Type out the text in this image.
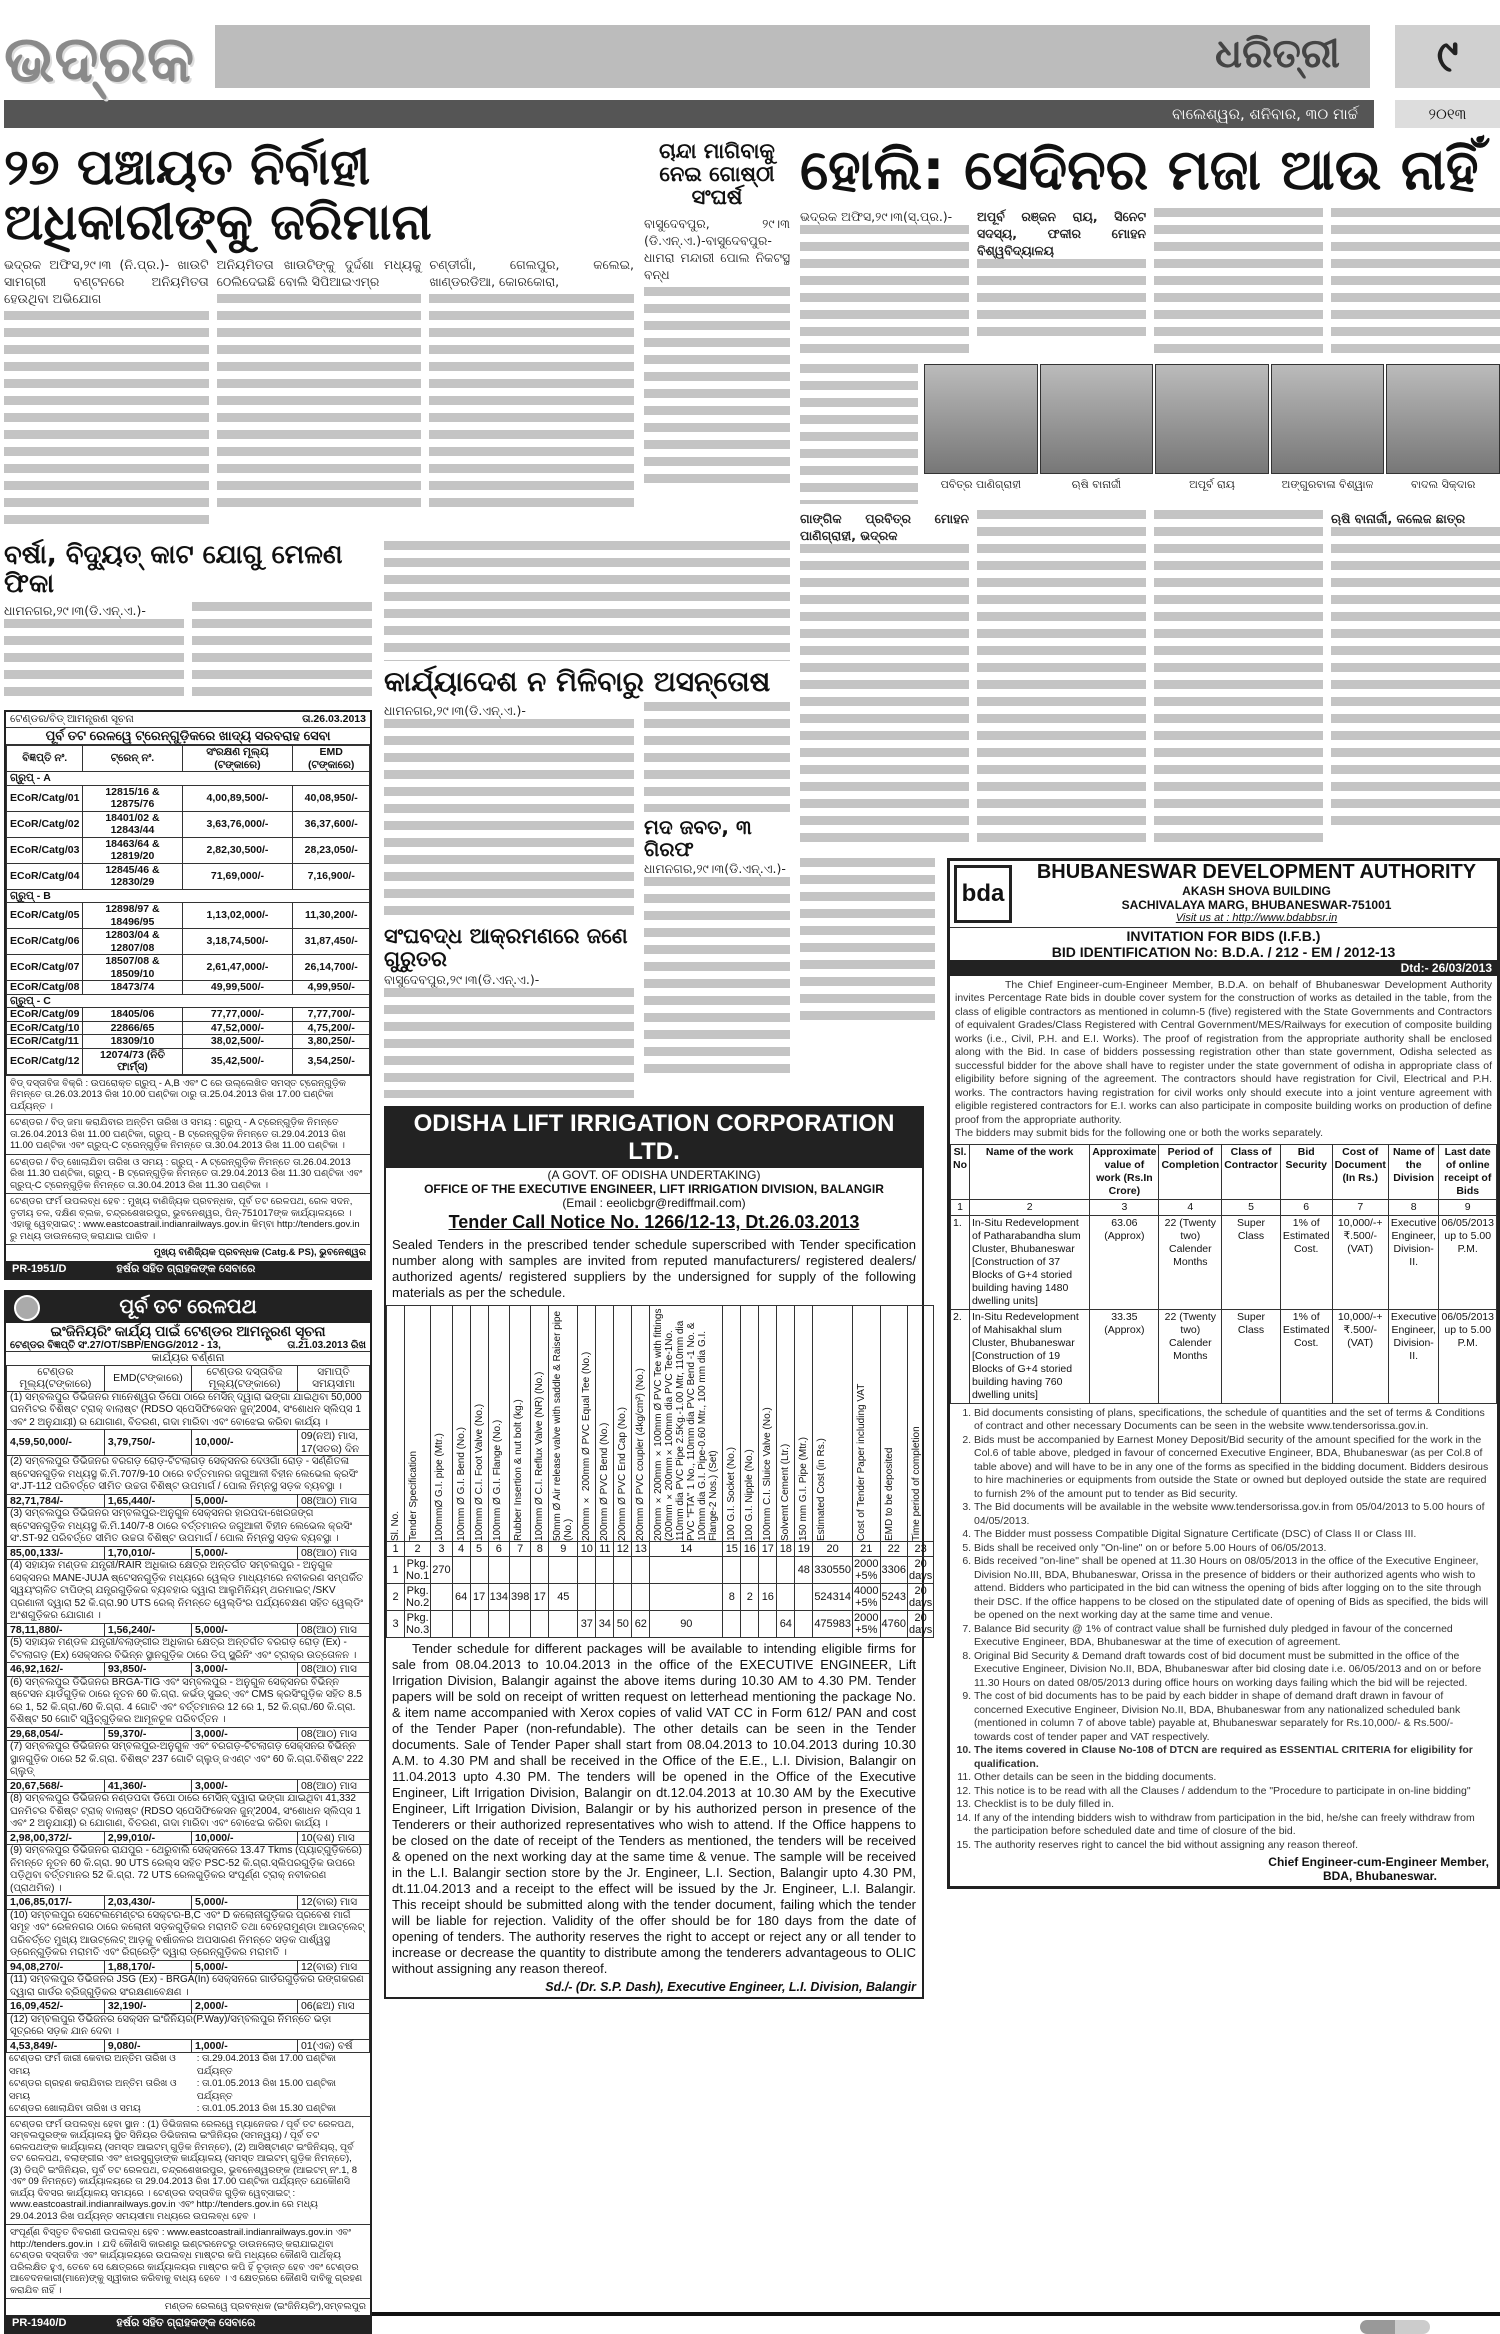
ଧରିତ୍ରୀ
ଭଦ୍ରକ	୯
ବାଲେଶ୍ୱର, ଶନିବାର, ୩୦ ମାର୍ଚ୍ଚ	୨୦୧୩
୨୭ ପଞ୍ଚାୟତ ନିର୍ବାହୀ ଅଧିକାରୀଙ୍କୁ ଜରିମାନା
ଭଦ୍ରକ ଅଫିସ,୨୯।୩ (ନି.ପ୍ର.)- ଖାଉଟି ସାମଗ୍ରୀ ବଣ୍ଟନରେ ଅନିୟମିତତା ହେଉଥିବା ଅଭିଯୋଗ
ଅନିୟମିତତା ଖାଉଟିଙ୍କୁ ଦୁର୍ଦ୍ଦଶା ମଧ୍ୟକୁ ଠେଲିଦେଇଛି ବୋଲି ସିପିଆଇଏମ୍‌ର
ଚଣ୍ଡୀଗାଁ, ଗେଲପୁର, କଲେଇ, ଖାଣ୍ଡରଡିଆ, କୋରକୋରା,
ଚାନ୍ଦା ମାଗିବାକୁ ନେଇ ଗୋଷ୍ଠୀ ସଂଘର୍ଷ
ବାସୁଦେବପୁର, ୨୯।୩ (ଡି.ଏନ୍.ଏ.)-ବାସୁଦେବପୁର-ଧାମରା ମନ୍ଦାରୀ ପୋଲ ନିକଟସ୍ଥ ବନ୍ଧ
ବର୍ଷା, ବିଦ୍ୟୁତ୍ କାଟ ଯୋଗୁ ମେଳଣ ଫିକା
ଧାମନଗର,୨୯।୩(ଡି.ଏନ୍.ଏ.)-
ଟେଣ୍ଡର/ବିଡ୍ ଆମନ୍ତ୍ରଣ ସୂଚନା	ତା.26.03.2013
ପୂର୍ବ ତଟ ରେଳୱେ ଟ୍ରେନ୍‌ଗୁଡ଼ିକରେ ଖାଦ୍ୟ ସରବରାହ ସେବା
ବିଜ୍ଞପ୍ତି ନଂ.	ଟ୍ରେନ୍ ନଂ.	ସଂରକ୍ଷଣ ମୂଲ୍ୟ (ଟଙ୍କାରେ)	EMD (ଟଙ୍କାରେ)
ଗ୍ରୁପ୍ - A			
ECoR/Catg/01	12815/16 & 12875/76	4,00,89,500/-	40,08,950/-
ECoR/Catg/02	18401/02 & 12843/44	3,63,76,000/-	36,37,600/-
ECoR/Catg/03	18463/64 & 12819/20	2,82,30,500/-	28,23,050/-
ECoR/Catg/04	12845/46 & 12830/29	71,69,000/-	7,16,900/-
ଗ୍ରୁପ୍ - B			
ECoR/Catg/05	12898/97 & 18496/95	1,13,02,000/-	11,30,200/-
ECoR/Catg/06	12803/04 & 12807/08	3,18,74,500/-	31,87,450/-
ECoR/Catg/07	18507/08 & 18509/10	2,61,47,000/-	26,14,700/-
ECoR/Catg/08	18473/74	49,99,500/-	4,99,950/-
ଗ୍ରୁପ୍ - C			
ECoR/Catg/09	18405/06	77,77,000/-	7,77,700/-
ECoR/Catg/10	22866/65	47,52,000/-	4,75,200/-
ECoR/Catg/11	18309/10	38,02,500/-	3,80,250/-
ECoR/Catg/12	12074/73 (ନିତି ଫାର୍ମ୍ସ)	35,42,500/-	3,54,250/-
ବିଡ୍ ଦସ୍ତାବିଜ ବିକ୍ରି : ଉପରୋକ୍ତ ଗ୍ରୁପ୍ - A,B ଏବଂ C ରେ ଉଲ୍ଲେଖିତ ସମସ୍ତ ଟ୍ରେନ୍‌ଗୁଡ଼ିକ ନିମନ୍ତେ ତା.26.03.2013 ରିଖ 10.00 ଘଣ୍ଟିକା ଠାରୁ ତା.25.04.2013 ରିଖ 17.00 ଘଣ୍ଟିକା ପର୍ଯ୍ୟନ୍ତ ।
ଟେଣ୍ଡର / ବିଡ୍ ଜମା କରାଯିବାର ଅନ୍ତିମ ତାରିଖ ଓ ସମୟ : ଗ୍ରୁପ୍ - A ଟ୍ରେନ୍‌ଗୁଡ଼ିକ ନିମନ୍ତେ ତା.26.04.2013 ରିଖ 11.00 ଘଣ୍ଟିକା, ଗ୍ରୁପ୍ - B ଟ୍ରେନ୍‌ଗୁଡ଼ିକ ନିମନ୍ତେ ତା.29.04.2013 ରିଖ 11.00 ଘଣ୍ଟିକା ଏବଂ ଗ୍ରୁପ୍-C ଟ୍ରେନ୍‌ଗୁଡ଼ିକ ନିମନ୍ତେ ତା.30.04.2013 ରିଖ 11.00 ଘଣ୍ଟିକା ।
ଟେଣ୍ଡର / ବିଡ୍ ଖୋଲାଯିବା ତାରିଖ ଓ ସମୟ : ଗ୍ରୁପ୍ - A ଟ୍ରେନ୍‌ଗୁଡ଼ିକ ନିମନ୍ତେ ତା.26.04.2013 ରିଖ 11.30 ଘଣ୍ଟିକା, ଗ୍ରୁପ୍ - B ଟ୍ରେନ୍‌ଗୁଡ଼ିକ ନିମନ୍ତେ ତା.29.04.2013 ରିଖ 11.30 ଘଣ୍ଟିକା ଏବଂ ଗ୍ରୁପ୍-C ଟ୍ରେନ୍‌ଗୁଡ଼ିକ ନିମନ୍ତେ ତା.30.04.2013 ରିଖ 11.30 ଘଣ୍ଟିକା ।
ଟେଣ୍ଡର ଫର୍ମ ଉପଲବ୍ଧ ହେବ : ମୁଖ୍ୟ ବାଣିଜ୍ୟିକ ପ୍ରବନ୍ଧକ, ପୂର୍ବ ତଟ ରେଳପଥ, ରେଳ ସଦନ, ତୃତୀୟ ତଳ, ଦକ୍ଷିଣ ବ୍ଲକ, ଚନ୍ଦ୍ରଶେଖରପୁର, ଭୁବନେଶ୍ୱର, ପିନ୍-751017ଙ୍କ କାର୍ଯ୍ୟାଳୟରେ । ଏହାକୁ ୱେବ୍‌ସାଇଟ୍ : www.eastcoastrail.indianrailways.gov.in କିମ୍ବା http://tenders.gov.in ରୁ ମଧ୍ୟ ଡାଉନଲୋଡ୍ କରାଯାଇ ପାରିବ ।
ମୁଖ୍ୟ ବାଣିଜ୍ୟିକ ପ୍ରବନ୍ଧକ (Catg.& PS), ଭୁବନେଶ୍ୱର
PR-1951/D	ହର୍ଷର ସହିତ ଗ୍ରାହକଙ୍କ ସେବାରେ
ପୂର୍ବ ତଟ ରେଳପଥ
ଇଂଜିନିୟରିଂ କାର୍ଯ୍ୟ ପାଇଁ ଟେଣ୍ଡର ଆମନ୍ତ୍ରଣ ସୂଚନା
ଟେଣ୍ଡର ବିଜ୍ଞପ୍ତି ସଂ.27/OT/SBP/ENGG/2012 - 13,	ତା.21.03.2013 ରିଖ
କାର୍ଯ୍ୟର ବର୍ଣ୍ଣନା
ଟେଣ୍ଡର ମୂଲ୍ୟ(ଟଙ୍କାରେ)	EMD(ଟଙ୍କାରେ)	ଟେଣ୍ଡର ଦସ୍ତାବିଜ ମୂଲ୍ୟ(ଟଙ୍କାରେ)	ସମାପ୍ତି ସମୟସୀମା
(1) ସମ୍ବଲପୁର ଡିଭିଜନର ମାନେଶ୍ୱର ଡିପୋ ଠାରେ ମେସିନ୍ ଦ୍ୱାରା ଭଙ୍ଗା ଯାଇଥିବା 50,000 ଘନମିଟର ବିଶିଷ୍ଟ ଟ୍ରାକ୍ ବାଲାଷ୍ଟ (RDSO ସ୍ପେସିଫିକେସନ ଜୁନ୍'2004, ସଂଶୋଧନ ସ୍ଲିପ୍‌ସ 1 ଏବଂ 2 ଅନୁଯାୟୀ) ର ଯୋଗାଣ, ବିତରଣ, ଗଦା ମାରିବା ଏବଂ ବୋଝେଇ କରିବା କାର୍ଯ୍ୟ ।			
4,59,50,000/-	3,79,750/-	10,000/-	09(ନଅ) ମାସ, 17(ସତର) ଦିନ
(2) ସମ୍ବଲପୁର ଡିଭିଜନର ବରଗଡ଼ ରୋଡ଼-ଟିଟଲାଗଡ଼ ସେକ୍ସନର ଦେଓଗାଁ ରୋଡ଼ - ସର୍ଣ୍ଣିତଳା ଷ୍ଟେସନଗୁଡ଼ିକ ମଧ୍ୟସ୍ଥ କି.ମି.707/9-10 ଠାରେ ବର୍ତ୍ତମାନର ଜଗୁଆଳୀ ବିହୀନ ଲେଭେଲ କ୍ରସିଂ ସଂ.JT-112 ପରିବର୍ତ୍ତେ ସୀମିତ ଉଚ୍ଚତା ବିଶିଷ୍ଟ ଉପମାର୍ଗ / ପୋଲ ନିମ୍ନସ୍ଥ ସଡ଼କ ବ୍ୟବସ୍ଥା ।			
82,71,784/-	1,65,440/-	5,000/-	08(ଆଠ) ମାସ
(3) ସମ୍ବଲପୁର ଡିଭିଜନର ସମ୍ବଲପୁର-ଅନୁଗୁଳ ସେକ୍ସନର ହାରପଦା-ଖେରଜଙ୍ଗ ଷ୍ଟେସନଗୁଡ଼ିକ ମଧ୍ୟସ୍ଥ କି.ମି.140/7-8 ଠାରେ ବର୍ତ୍ତମାନର ଜଗୁଆଳୀ ବିହୀନ ଲେଭେଲ କ୍ରସିଂ ସଂ.ST-92 ପରିବର୍ତ୍ତେ ସୀମିତ ଉଚ୍ଚତା ବିଶିଷ୍ଟ ଉପମାର୍ଗ / ପୋଲ ନିମ୍ନସ୍ଥ ସଡ଼କ ବ୍ୟବସ୍ଥା ।			
85,00,133/-	1,70,010/-	5,000/-	08(ଆଠ) ମାସ
(4) ସହାୟକ ମଣ୍ଡଳ ଯନ୍ତ୍ରୀ/RAIR ଅଧିକାର କ୍ଷେତ୍ର ଅନ୍ତର୍ଗତ ସମ୍ବଲପୁର - ଅନୁଗୁଳ ସେକ୍ସନର MANE-JUJA ଷ୍ଟେସନଗୁଡ଼ିକ ମଧ୍ୟରେ ୱେଲ୍ଡ ମାଧ୍ୟମରେ ନବୀକରଣ ସମ୍ପର୍କିତ ସ୍ୱୟଂଚାଳିତ ଟାପିଙ୍ଗ୍ ଯନ୍ତ୍ରଗୁଡ଼ିକର ବ୍ୟବହାର ଦ୍ୱାରା ଆଲୁମିନିୟମ୍ ଥରମାଇଟ୍ /SKV ପ୍ରଣାଳୀ ଦ୍ୱାରା 52 କି.ଗ୍ରା.90 UTS ରେଲ୍ ନିମନ୍ତେ ୱେଲ୍ଡିଂର ପର୍ଯ୍ୟବେକ୍ଷଣ ସହିତ ୱେଲ୍ଡିଂ ଅଂଶଗୁଡ଼ିକର ଯୋଗାଣ ।			
78,11,880/-	1,56,240/-	5,000/-	08(ଆଠ) ମାସ
(5) ସହାୟକ ମଣ୍ଡଳ ଯନ୍ତ୍ରୀ/ବଲାଙ୍ଗୀର ଅଧିକାର କ୍ଷେତ୍ର ଅନ୍ତର୍ଗତ ବରଗଡ଼ ରୋଡ଼ (Ex) - ଟିଟଲାଗଡ଼ (Ex) ସେକ୍ସନର ବିଭିନ୍ନ ସ୍ଥାନଗୁଡ଼ିକ ଠାରେ ଡିପ୍ ସ୍କ୍ରିନିଂ ଏବଂ ଟ୍ରାକ୍‌ର ଉତ୍ତୋଳନ ।			
46,92,162/-	93,850/-	3,000/-	08(ଆଠ) ମାସ
(6) ସମ୍ବଲପୁର ଡିଭିଜନର BRGA-TIG ଏବଂ ସମ୍ବଲପୁର - ଅନୁଗୁଳ ସେକ୍ସନର ବିଭିନ୍ନ ଷ୍ଟେସନ ୟାର୍ଡଗୁଡ଼ିକ ଠାରେ ନୂତନ 60 କି.ଗ୍ରା. କର୍ଭଡ୍ ସୁଇଚ୍ ଏବଂ CMS କ୍ରସିଂଗୁଡ଼ିକ ସହିତ 8.5 ରେ 1, 52 କି.ଗ୍ରା./60 କି.ଗ୍ରା. 4 ଗୋଟି ଏବଂ ବର୍ତ୍ତମାନର 12 ରେ 1, 52 କି.ଗ୍ରା./60 କି.ଗ୍ରା. ବିଶିଷ୍ଟ 50 ଗୋଟି ସ୍ୱିଚ୍‌ଗୁଡ଼ିକର ଆମୂଳଚୂଳ ପରିବର୍ତ୍ତନ ।			
29,68,054/-	59,370/-	3,000/-	08(ଆଠ) ମାସ
(7) ସମ୍ବଲପୁର ଡିଭିଜନର ସମ୍ବଲପୁର-ଅନୁଗୁଳ ଏବଂ ବରଗଡ଼-ଟିଟଲାଗଡ଼ ସେକ୍ସନର ବିଭିନ୍ନ ସ୍ଥାନଗୁଡ଼ିକ ଠାରେ 52 କି.ଗ୍ରା. ବିଶିଷ୍ଟ 237 ଗୋଟି ଗ୍ଲୁଡ୍ ଜଏଣ୍ଟ ଏବଂ 60 କି.ଗ୍ରା.ବିଶିଷ୍ଟ 222 ଗ୍ଲୁଡ୍			
20,67,568/-	41,360/-	3,000/-	08(ଆଠ) ମାସ
(8) ସମ୍ବଲପୁର ଡିଭିଜନର ନଣ୍ଡପଦା ଡିପୋ ଠାରେ ମେସିନ୍ ଦ୍ୱାରା ଭଙ୍ଗା ଯାଇଥିବା 41,332 ଘନମିଟର ବିଶିଷ୍ଟ ଟ୍ରାକ୍ ବାଲାଷ୍ଟ (RDSO ସ୍ପେସିଫିକେସନ ଜୁନ୍'2004, ସଂଶୋଧନ ସ୍ଲିପ୍‌ସ 1 ଏବଂ 2 ଅନୁଯାୟୀ) ର ଯୋଗାଣ, ବିତରଣ, ଗଦା ମାରିବା ଏବଂ ବୋଝେଇ କରିବା କାର୍ଯ୍ୟ ।			
2,98,00,372/-	2,99,010/-	10,000/-	10(ଦଶ) ମାସ
(9) ସମ୍ବଲପୁର ଡିଭିଜନର ରାଯପୁର - ଥେରୁବାଲି ସେକ୍ସନରେ 13.47 Tkms (ପ୍ୟାଚ୍‌ଗୁଡ଼ିକରେ) ନିମନ୍ତେ ନୂତନ 60 କି.ଗ୍ରା. 90 UTS ରେଲ୍‌ସ ସହିତ PSC-52 କି.ଗ୍ରା.ସ୍ଲିପରଗୁଡ଼ିକ ଉପରେ ପଡ଼ିଥିବା ବର୍ତ୍ତମାନର 52 କି.ଗ୍ରା. 72 UTS ରେଲଗୁଡ଼ିକର ସଂପୂର୍ଣ୍ଣ ଟ୍ରାକ୍ ନବୀକରଣ (ପ୍ରାଥମିକ) ।			
1,06,85,017/-	2,03,430/-	5,000/-	12(ବାର) ମାସ
(10) ସମ୍ବଲପୁର ସେଟେଲମେଣ୍ଟର ସେକ୍ଟର-B,C ଏବଂ D କଲୋନୀଗୁଡ଼ିକର ପ୍ରବେଶ ମାର୍ଗ ସମୂହ ଏବଂ ରେଳନଗର ଠାରେ କଲୋନୀ ସଡ଼କଗୁଡ଼ିକର ମରାମତି ତଥା ବେହେରାମୁଣ୍ଡା ଆଉଟ୍‌ଲେଟ୍ ପରିବର୍ତ୍ତେ ମୁଖ୍ୟ ଆଉଟ୍‌ଲେଟ୍ ଆଡ଼କୁ ବର୍ଷାଜଳର ଅପସାରଣ ନିମନ୍ତେ ସଡ଼କ ପାର୍ଶ୍ୱସ୍ଥ ଡ୍ରେନ୍‌ଗୁଡ଼ିକର ମରାମତି ଏବଂ ରିଗ୍ରେଡ଼ିଂ ଦ୍ୱାରା ଡ୍ରେନ୍‌ଗୁଡ଼ିକର ମରାମତି ।			
94,08,270/-	1,88,170/-	5,000/-	12(ବାର) ମାସ
(11) ସମ୍ବଲପୁର ଡିଭିଜନର JSG (Ex) - BRGA(In) ସେକ୍ସନରେ ଗାର୍ଡରଗୁଡ଼ିକର ରଙ୍ଗକରଣ ଦ୍ୱାରା ଗାର୍ଡର ବ୍ରିଜ୍‌ଗୁଡ଼ିକର ସଂରକ୍ଷଣାବେକ୍ଷଣ ।			
16,09,452/-	32,190/-	2,000/-	06(ଛଅ) ମାସ
(12) ସମ୍ବଲପୁର ଡିଭିଜନର ସେକ୍ସନ ଇଂଜିନିୟର(P.Way)/ସମ୍ବଲପୁର ନିମନ୍ତେ ଭଡ଼ା ସୂତ୍ରରେ ସଡ଼କ ଯାନ ଦେବା ।			
4,53,849/-	9,080/-	1,000/-	01(ଏକ) ବର୍ଷ
ଟେଣ୍ଡର ଫର୍ମ ଜାରୀ କେବାର ଅନ୍ତିମ ତାରିଖ ଓ ସମୟ	: ତା.29.04.2013 ରିଖ 17.00 ଘଣ୍ଟିକା ପର୍ଯ୍ୟନ୍ତ
ଟେଣ୍ଡର ଗ୍ରହଣ କରାଯିବାର ଅନ୍ତିମ ତାରିଖ ଓ ସମୟ	: ତା.01.05.2013 ରିଖ 15.00 ଘଣ୍ଟିକା ପର୍ଯ୍ୟନ୍ତ
ଟେଣ୍ଡର ଖୋଲାଯିବା ତାରିଖ ଓ ସମୟ	: ତା.01.05.2013 ରିଖ 15.30 ଘଣ୍ଟିକା
ଟେଣ୍ଡର ଫର୍ମ ଉପଲବ୍ଧ ହେବା ସ୍ଥାନ : (1) ଡିଭିଜନାଲ ରେଲୱେ ମ୍ୟାନେଜର / ପୂର୍ବ ତଟ ରେଳପଥ, ସମ୍ବଲପୁରଙ୍କ କାର୍ଯ୍ୟାଳୟ ସ୍ଥିତ ସିନିୟର ଡିଭିଜନାଲ ଇଂଜିନିୟର (ସମନ୍ୱୟ) / ପୂର୍ବ ତଟ ରେଳପଥଙ୍କ କାର୍ଯ୍ୟାଳୟ (ସମସ୍ତ ଆଇଟମ୍ ଗୁଡ଼ିକ ନିମନ୍ତେ), (2) ଆସିଷ୍ଟାଣ୍ଟ ଇଂଜିନିୟର୍, ପୂର୍ବ ତଟ ରେଳପଥ, ବଲାଙ୍ଗୀର ଏବଂ ଝାରସୁଗୁଡ଼ାଙ୍କ କାର୍ଯ୍ୟାଳୟ (ସମସ୍ତ ଆଇଟମ୍ ଗୁଡ଼ିକ ନିମନ୍ତେ), (3) ଡିପ୍ଟି ଇଂଜିନିୟର, ପୂର୍ବ ତଟ ରେଳପଥ, ଚନ୍ଦ୍ରଶେଖରପୁର, ଭୁବନେଶ୍ୱରଙ୍କ (ଆଇଟମ୍ ନଂ.1, 8 ଏବଂ 09 ନିମନ୍ତେ) କାର୍ଯ୍ୟାଳୟରେ ତା 29.04.2013 ରିଖ 17.00 ଘଣ୍ଟିକା ପର୍ଯ୍ୟନ୍ତ ଯେକୌଣସି କାର୍ଯ୍ୟ ଦିବସର କାର୍ଯ୍ୟାଳୟ ସମୟରେ । ଟେଣ୍ଡର ଦସ୍ତାବିଜ ଗୁଡ଼ିକ ୱେବ୍‌ସାଇଟ୍ : www.eastcoastrail.indianrailways.gov.in ଏବଂ http://tenders.gov.in ରେ ମଧ୍ୟ 29.04.2013 ରିଖ ପର୍ଯ୍ୟନ୍ତ ସମୟସୀମା ମଧ୍ୟରେ ଉପଲବ୍ଧ ହେବ ।
ସଂପୂର୍ଣ୍ଣ ବିସ୍ତୃତ ବିବରଣୀ ଉପଲବ୍ଧ ହେବ : www.eastcoastrail.indianrailways.gov.in ଏବଂ http://tenders.gov.in । ଯଦି କୌଣସି କାରଣରୁ ଇଣ୍ଟରନେଟରୁ ଡାଉନଲୋଡ୍ କରାଯାଇଥିବା ଟେଣ୍ଡର ଦସ୍ତାବିଜ ଏବଂ କାର୍ଯ୍ୟାଳୟରେ ଉପଲବ୍ଧ ମାଷ୍ଟର କପି ମଧ୍ୟରେ କୌଣସି ପାର୍ଥକ୍ୟ ପରିଲକ୍ଷିତ ହୁଏ, ତେବେ ସେ କ୍ଷେତ୍ରରେ କାର୍ଯ୍ୟାଳୟର ମାଷ୍ଟର କପି ହିଁ ଚୂଡ଼ାନ୍ତ ହେବ ଏବଂ ଟେଣ୍ଡର ଆବେଦନକାରୀ(ମାନେ)ଙ୍କୁ ସ୍ୱୀକାର କରିବାକୁ ବାଧ୍ୟ ହେବେ । ଏ କ୍ଷେତ୍ରରେ କୌଣସି ଦାବିକୁ ଗ୍ରହଣ କରାଯିବ ନାହିଁ ।
ମଣ୍ଡଳ ରେଲୱେ ପ୍ରବନ୍ଧକ (ଇଂଜିନିୟରିଂ),ସମ୍ବଲପୁର
PR-1940/D	ହର୍ଷର ସହିତ ଗ୍ରାହକଙ୍କ ସେବାରେ
କାର୍ଯ୍ୟାଦେଶ ନ ମିଳିବାରୁ ଅସନ୍ତୋଷ
ଧାମନଗର,୨୯।୩(ଡି.ଏନ୍.ଏ.)-
ସଂଘବଦ୍ଧ ଆକ୍ରମଣରେ ଜଣେ ଗୁରୁତର
ବାସୁଦେବପୁର,୨୯।୩(ଡି.ଏନ୍.ଏ.)-
ମଦ ଜବତ, ୩ ଗିରଫ
ଧାମନଗର,୨୯।୩(ଡି.ଏନ୍.ଏ.)-
ODISHA LIFT IRRIGATION CORPORATION LTD.
(A GOVT. OF ODISHA UNDERTAKING)
OFFICE OF THE EXECUTIVE ENGINEER, LIFT IRRIGATION DIVISION, BALANGIR
(Email : eeolicbgr@rediffmail.com)
Tender Call Notice No. 1266/12-13, Dt.26.03.2013
Sealed Tenders in the prescribed tender schedule superscribed with Tender specification number along with samples are invited from reputed manufacturers/ registered dealers/ authorized agents/ registered suppliers by the undersigned for supply of the following materials as per the schedule.
Sl. No.	Tender Specification	100mmØ G.I. pipe (Mtr.)	100mm Ø G.I. Bend (No.)	100mm Ø C.I. Foot Valve (No.)	100mm Ø G.I. Flange (No.)	Rubber Insertion & nut bolt (kg.)	100mm Ø C.I. Reflux Valve (NR) (No.)	50mm Ø Air release valve with saddle & Raiser pipe (No.)	200mm × 200mm Ø PVC Equal Tee (No.)	200mm Ø PVC Bend (No.)	200mm Ø PVC End Cap (No.)	200mm Ø PVC coupler (4kg/cm²) (No.)	200mm ×200mm ×100mm Ø PVC Tee with fittings (200mm ×200mm×100mm dia PVC Tee-1No. 110mm dia PVC Pipe 2.5Kg.-1.00 Mtr, 110mm dia PVC "FTA" 1 No., 110mm dia PVC Bend -1 No. & 100mm dia G.I. Pipe-0.60 Mtr., 100 mm dia G.I. Flange-2 Nos.) (Set)	100 G.I. Socket (No.)	100 G.I. Nipple (No.)	100mm C.I. Sluice Valve (No.)	Solvemt Cement (Ltr.)	150 mm G.I. Pipe (Mtr.)	Estimated Cost (in Rs.)	Cost of Tender Paper including VAT	EMD to be deposited	Time period of completion

1	2	3	4	5	6	7	8	9	10	11	12	13	14	15	16	17	18	19	20	21	22	23
1	Pkg. No.1	270																48	330550	2000 +5%	3306	20 days
2	Pkg. No.2		64	17	134	398	17	45						8	2	16			524314	4000 +5%	5243	20 days
3	Pkg. No.3								37	34	50	62	90				64		475983	2000 +5%	4760	20 days
Tender schedule for different packages will be available to intending eligible firms for sale from 08.04.2013 to 10.04.2013 in the office of the EXECUTIVE ENGINEER, Lift Irrigation Division, Balangir against the above items during 10.30 AM to 4.30 PM. Tender papers will be sold on receipt of written request on letterhead mentioning the package No. & item name accompanied with Xerox copies of valid VAT CC in Form 612/ PAN and cost of the Tender Paper (non-refundable). The other details can be seen in the Tender documents. Sale of Tender Paper shall start from 08.04.2013 to 10.04.2013 during 10.30 A.M. to 4.30 PM and shall be received in the Office of the E.E., L.I. Division, Balangir on 11.04.2013 upto 4.30 PM. The tenders will be opened in the Office of the Executive Engineer, Lift Irrigation Division, Balangir on dt.12.04.2013 at 10.30 AM by the Executive Engineer, Lift Irrigation Division, Balangir or by his authorized person in presence of the Tenderers or their authorized representatives who wish to attend. If the Office happens to be closed on the date of receipt of the Tenders as mentioned, the tenders will be received & opened on the next working day at the same time & venue. The sample will be received in the L.I. Balangir section store by the Jr. Engineer, L.I. Section, Balangir upto 4.30 PM, dt.11.04.2013 and a receipt to the effect will be issued by the Jr. Engineer, L.I. Balangir. This receipt should be submitted along with the tender document, failing which the tender will be liable for rejection. Validity of the offer should be for 180 days from the date of opening of tenders. The authority reserves the right to accept or reject any or all tender to increase or decrease the quantity to distribute among the tenderers advantageous to OLIC without assigning any reason thereof.
Sd./- (Dr. S.P. Dash), Executive Engineer, L.I. Division, Balangir
ହୋଲି: ସେଦିନର ମଜା ଆଉ ନାହିଁ
ଭଦ୍ରକ ଅଫିସ,୨୯।୩(ସ୍.ପ୍ର.)-	ଅପୂର୍ବ ରଞ୍ଜନ ରାୟ, ସିନେଟ ସଦସ୍ୟ, ଫକୀର ମୋହନ ବିଶ୍ୱବିଦ୍ୟାଳୟ
ପବିତ୍ର ପାଣିଗ୍ରାହୀ	ଋଷି ବାନାର୍ଜୀ	ଅପୂର୍ବ ରାୟ	ଅଙ୍ଗୁରବାଳା ବିଶ୍ୱାଳ	ବାଦଲ ସିକ୍‌ଦାର
ଗାଙ୍ଗିକ ପ୍ରବିତ୍ର ମୋହନ ପାଣିଗ୍ରାହୀ, ଭଦ୍ରକ
ଋଷି ବାନାର୍ଜୀ, କଲେଜ ଛାତ୍ର
bda
BHUBANESWAR DEVELOPMENT AUTHORITY
AKASH SHOVA BUILDING
SACHIVALAYA MARG, BHUBANESWAR-751001
Visit us at : http://www.bdabbsr.in
INVITATION FOR BIDS (I.F.B.)
BID IDENTIFICATION No: B.D.A. / 212 - EM / 2012-13
Dtd:- 26/03/2013
The Chief Engineer-cum-Engineer Member, B.D.A. on behalf of Bhubaneswar Development Authority invites Percentage Rate bids in double cover system for the construction of works as detailed in the table, from the class of eligible contractors as mentioned in column-5 (five) registered with the State Governments and Contractors of equivalent Grades/Class Registered with Central Government/MES/Railways for execution of composite building works (i.e., Civil, P.H. and E.I. Works). The proof of registration from the appropriate authority shall be enclosed along with the Bid. In case of bidders possessing registration other than state government, Odisha selected as successful bidder for the above shall have to register under the state government of odisha in appropriate class of eligibility before signing of the agreement. The contractors should have registration for Civil, Electrical and P.H. works. The contractors having registration for civil works only should execute into a joint venture agreement with eligible registered contractors for E.I. works can also participate in composite building works on production of define proof from the appropriate authority.
The bidders may submit bids for the following one or both the works separately.
Sl. No	Name of the work	Approximate value of work (Rs.In Crore)	Period of Completion	Class of Contractor	Bid Security	Cost of Document (In Rs.)	Name of the Division	Last date of online receipt of Bids
1	2	3	4	5	6	7	8	9
1.	In-Situ Redevelopment of Patharabandha slum Cluster, Bhubaneswar [Construction of 37 Blocks of G+4 storied building having 1480 dwelling units]	63.06 (Approx)	22 (Twenty two) Calender Months	Super Class	1% of Estimated Cost.	10,000/-+ ₹.500/- (VAT)	Executive Engineer, Division- II.	06/05/2013 up to 5.00 P.M.
2.	In-Situ Redevelopment of Mahisakhal slum Cluster, Bhubaneswar [Construction of 19 Blocks of G+4 storied building having 760 dwelling units]	33.35 (Approx)	22 (Twenty two) Calender Months	Super Class	1% of Estimated Cost.	10,000/-+ ₹.500/- (VAT)	Executive Engineer, Division- II.	06/05/2013 up to 5.00 P.M.
1. Bid documents consisting of plans, specifications, the schedule of quantities and the set of terms & Conditions of contract and other necessary Documents can be seen in the website www.tendersorissa.gov.in.
2. Bids must be accompanied by Earnest Money Deposit/Bid security of the amount specified for the work in the Col.6 of table above, pledged in favour of concerned Executive Engineer, BDA, Bhubaneswar (as per Col.8 of table above) and will have to be in any one of the forms as specified in the bidding document. Bidders desirous to hire machineries or equipments from outside the State or owned but deployed outside the state are required to furnish 2% of the amount put to tender as Bid security.
3. The Bid documents will be available in the website www.tendersorissa.gov.in from 05/04/2013 to 5.00 hours of 04/05/2013.
4. The Bidder must possess Compatible Digital Signature Certificate (DSC) of Class II or Class III.
5. Bids shall be received only "On-line" on or before 5.00 Hours of 06/05/2013.
6. Bids received "on-line" shall be opened at 11.30 Hours on 08/05/2013 in the office of the Executive Engineer, Division No.III, BDA, Bhubaneswar, Orissa in the presence of bidders or their authorized agents who wish to attend. Bidders who participated in the bid can witness the opening of bids after logging on to the site through their DSC. If the office happens to be closed on the stipulated date of opening of Bids as specified, the bids will be opened on the next working day at the same time and venue.
7. Balance Bid security @ 1% of contract value shall be furnished duly pledged in favour of the concerned Executive Engineer, BDA, Bhubaneswar at the time of execution of agreement.
8. Original Bid Security & Demand draft towards cost of bid document must be submitted in the office of the Executive Engineer, Division No.II, BDA, Bhubaneswar after bid closing date i.e. 06/05/2013 and on or before 11.30 Hours on dated 08/05/2013 during office hours on working days failing which the bid will be rejected.
9. The cost of bid documents has to be paid by each bidder in shape of demand draft drawn in favour of concerned Executive Engineer, Division No.II, BDA, Bhubaneswar from any nationalized scheduled bank (mentioned in column 7 of above table) payable at, Bhubaneswar separately for Rs.10,000/- & Rs.500/- towards cost of tender paper and VAT respectively.
10. The items covered in Clause No-108 of DTCN are required as ESSENTIAL CRITERIA for eligibility for qualification.
11. Other details can be seen in the bidding documents.
12. This notice is to be read with all the Clauses / addendum to the "Procedure to participate in on-line bidding"
13. Checklist is to be duly filled in.
14. If any of the intending bidders wish to withdraw from participation in the bid, he/she can freely withdraw from the participation before scheduled date and time of closure of the bid.
15. The authority reserves right to cancel the bid without assigning any reason thereof.
Chief Engineer-cum-Engineer Member,
BDA, Bhubaneswar.
